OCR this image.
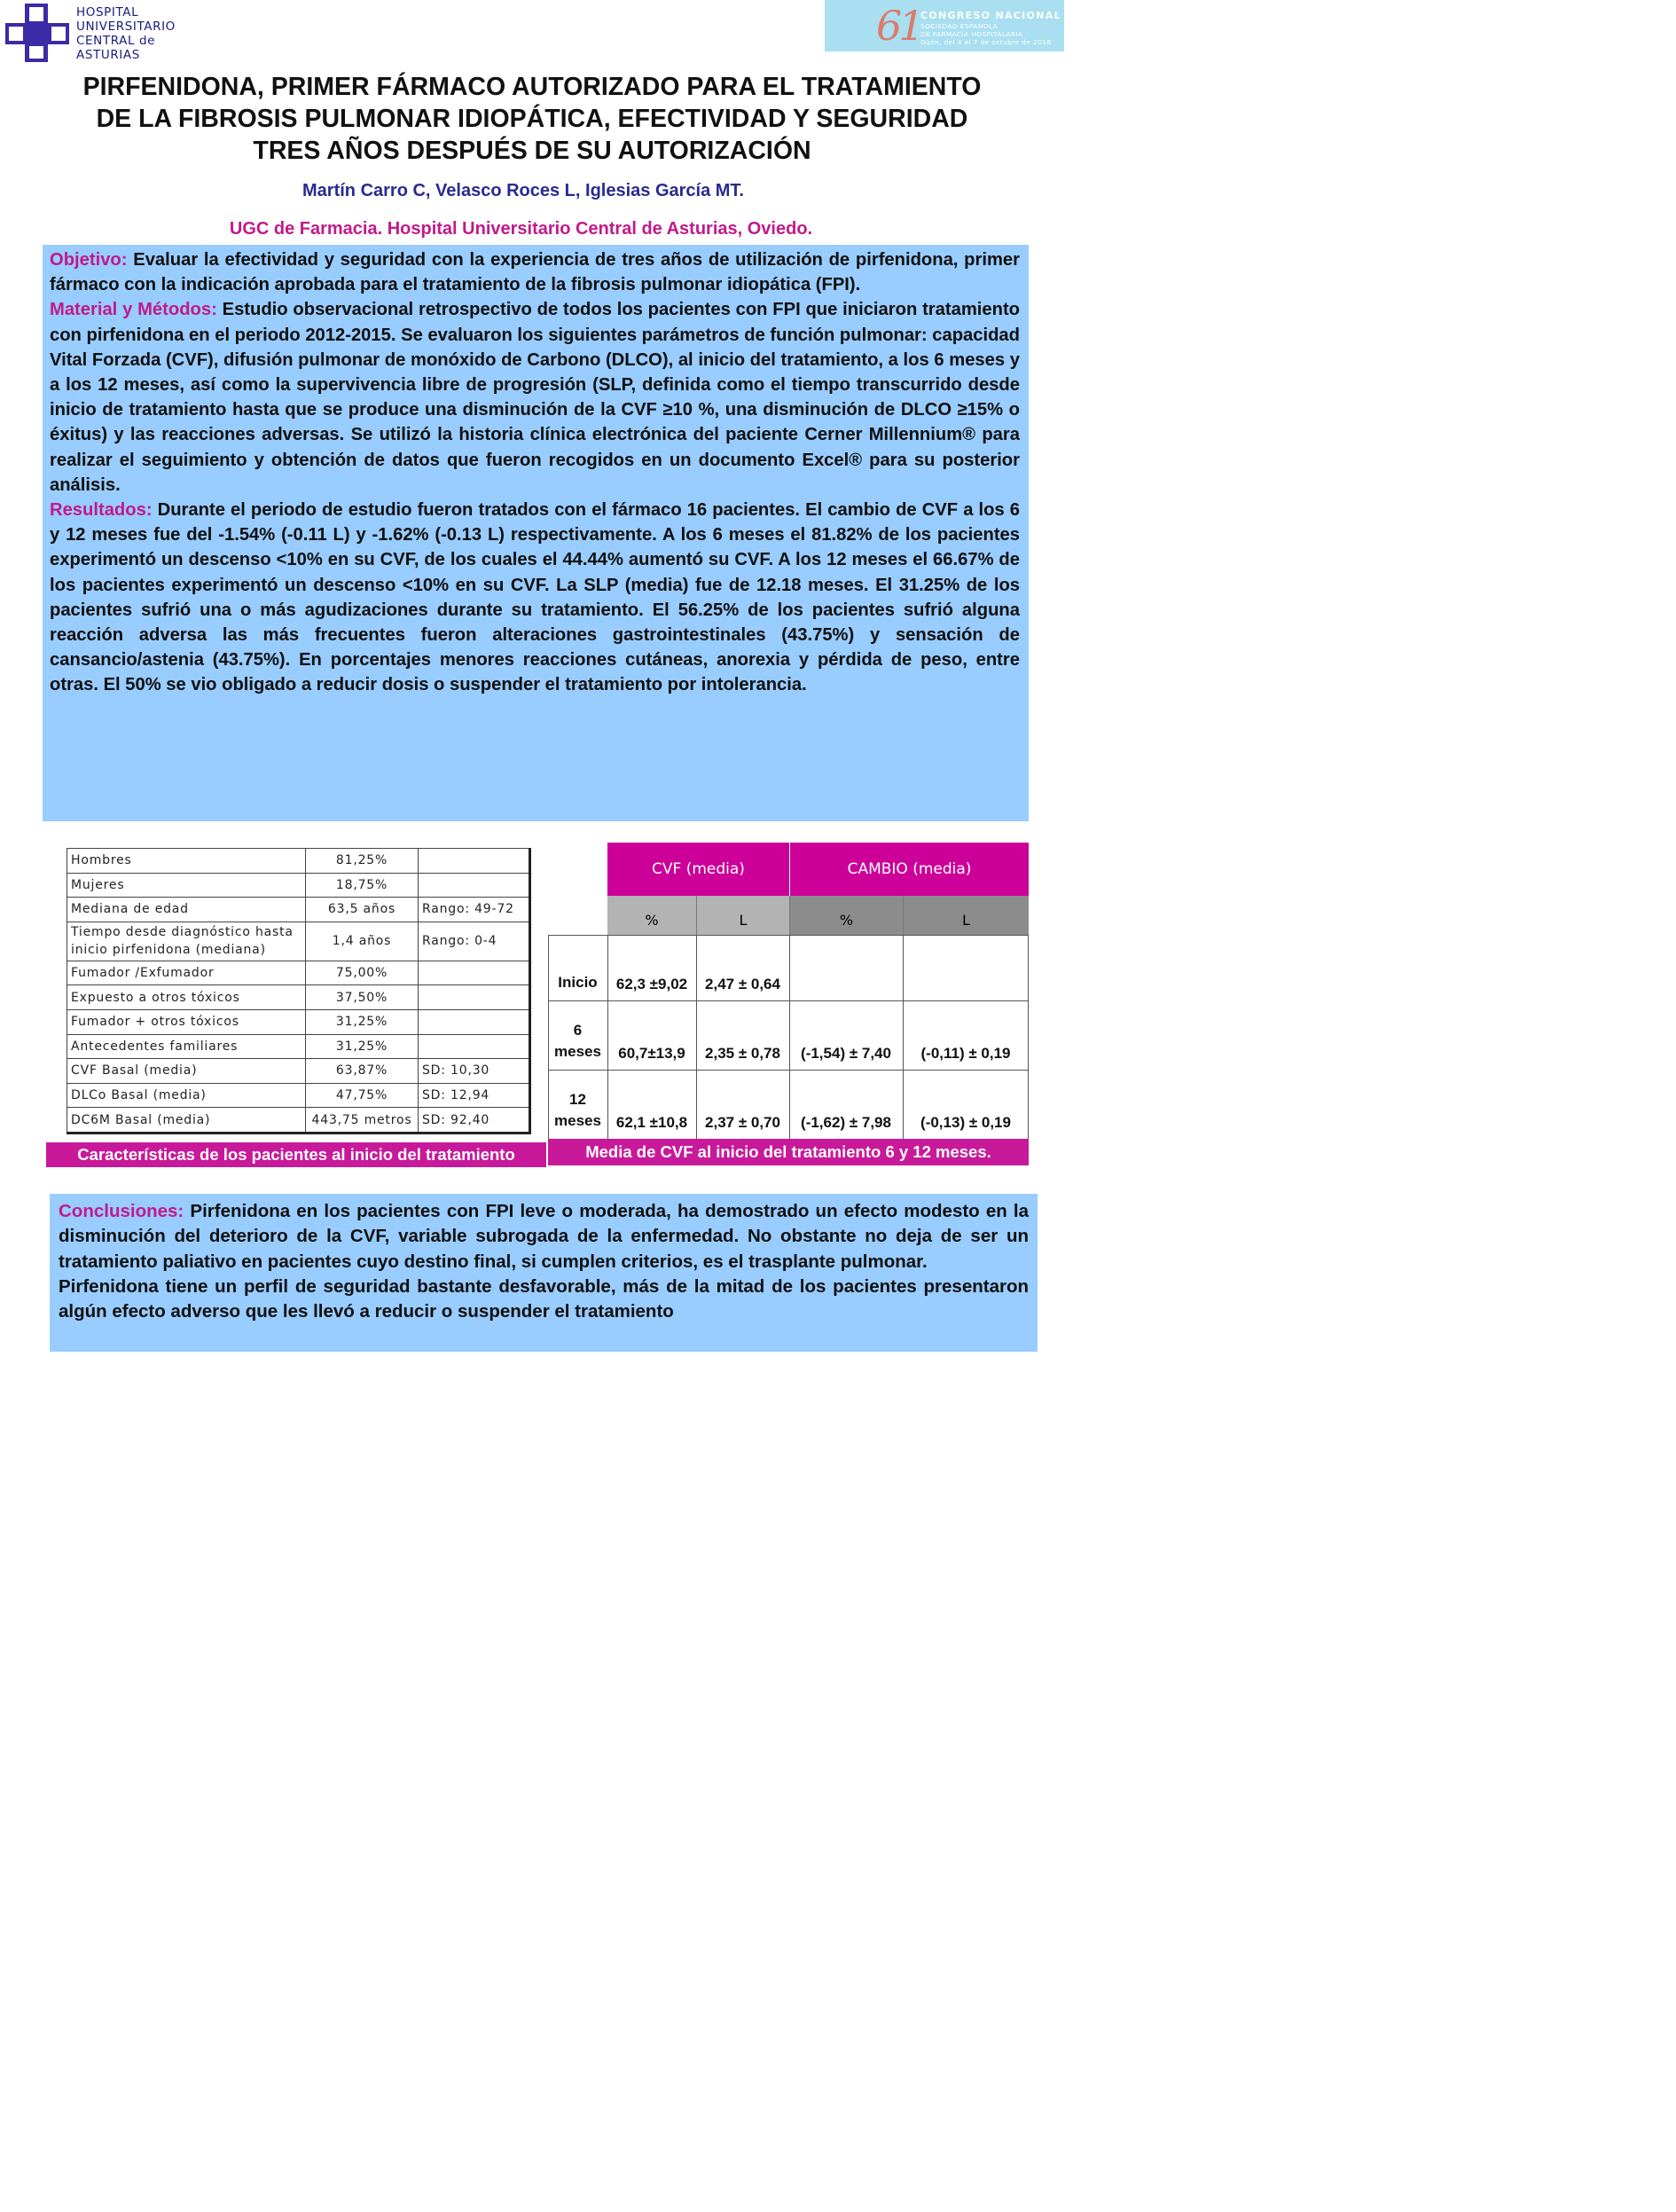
HOSPITAL
UNIVERSITARIO
CENTRAL de
ASTURIAS
61 CONGRESO NACIONAL
SOCIEDAD ESPAÑOLA
DE FARMACIA HOSPITALARIA
Gijón, del 4 al 7 de octubre de 2016
PIRFENIDONA, PRIMER FÁRMACO AUTORIZADO PARA EL TRATAMIENTO
DE LA FIBROSIS PULMONAR IDIOPÁTICA, EFECTIVIDAD Y SEGURIDAD
TRES AÑOS DESPUÉS DE SU AUTORIZACIÓN
Martín Carro C, Velasco Roces L, Iglesias García MT.
UGC de Farmacia. Hospital Universitario Central de Asturias, Oviedo.
Objetivo: Evaluar la efectividad y seguridad con la experiencia de tres años de utilización de pirfenidona, primer fármaco con la indicación aprobada para el tratamiento de la fibrosis pulmonar idiopática (FPI).
Material y Métodos: Estudio observacional retrospectivo de todos los pacientes con FPI que iniciaron tratamiento con pirfenidona en el periodo 2012-2015. Se evaluaron los siguientes parámetros de función pulmonar: capacidad Vital Forzada (CVF), difusión pulmonar de monóxido de Carbono (DLCO), al inicio del tratamiento, a los 6 meses y a los 12 meses, así como la supervivencia libre de progresión (SLP, definida como el tiempo transcurrido desde inicio de tratamiento hasta que se produce una disminución de la CVF ≥10 %, una disminución de DLCO ≥15% o éxitus) y las reacciones adversas. Se utilizó la historia clínica electrónica del paciente Cerner Millennium® para realizar el seguimiento y obtención de datos que fueron recogidos en un documento Excel® para su posterior análisis.
Resultados: Durante el periodo de estudio fueron tratados con el fármaco 16 pacientes. El cambio de CVF a los 6 y 12 meses fue del -1.54% (-0.11 L) y -1.62% (-0.13 L) respectivamente. A los 6 meses el 81.82% de los pacientes experimentó un descenso <10% en su CVF, de los cuales el 44.44% aumentó su CVF. A los 12 meses el 66.67% de los pacientes experimentó un descenso <10% en su CVF. La SLP (media) fue de 12.18 meses. El 31.25% de los pacientes sufrió una o más agudizaciones durante su tratamiento. El 56.25% de los pacientes sufrió alguna reacción adversa las más frecuentes fueron alteraciones gastrointestinales (43.75%) y sensación de cansancio/astenia (43.75%). En porcentajes menores reacciones cutáneas, anorexia y pérdida de peso, entre otras. El 50% se vio obligado a reducir dosis o suspender el tratamiento por intolerancia.
Hombres	81,25%	
Mujeres	18,75%	
Mediana de edad	63,5 años	Rango: 49-72
Tiempo desde diagnóstico hasta inicio pirfenidona (mediana)	1,4 años	Rango: 0-4
Fumador /Exfumador	75,00%	
Expuesto a otros tóxicos	37,50%	
Fumador + otros tóxicos	31,25%	
Antecedentes familiares	31,25%	
CVF Basal (media)	63,87%	SD: 10,30
DLCo Basal (media)	47,75%	SD: 12,94
DC6M Basal (media)	443,75 metros	SD: 92,40
Características de los pacientes al inicio del tratamiento
CVF (media)	CAMBIO (media)
%	L	%	L
Inicio	62,3 ±9,02	2,47 ± 0,64
6
meses	60,7±13,9	2,35 ± 0,78	(-1,54) ± 7,40	(-0,11) ± 0,19
12
meses 62,1 ±10,8	2,37 ± 0,70	(-1,62) ± 7,98	(-0,13) ± 0,19
Media de CVF al inicio del tratamiento 6 y 12 meses.
Conclusiones: Pirfenidona en los pacientes con FPI leve o moderada, ha demostrado un efecto modesto en la disminución del deterioro de la CVF, variable subrogada de la enfermedad. No obstante no deja de ser un tratamiento paliativo en pacientes cuyo destino final, si cumplen criterios, es el trasplante pulmonar.
Pirfenidona tiene un perfil de seguridad bastante desfavorable, más de la mitad de los pacientes presentaron algún efecto adverso que les llevó a reducir o suspender el tratamiento
